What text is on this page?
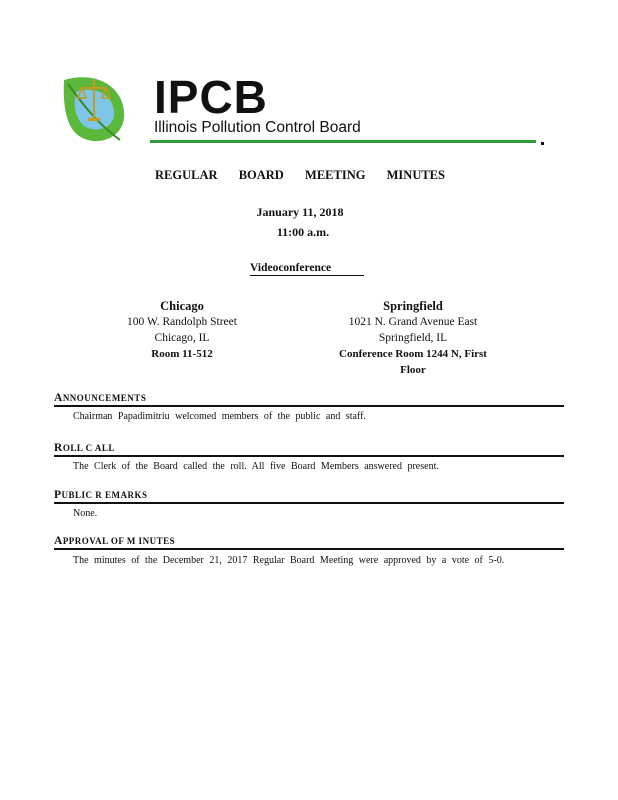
IPCB
Illinois Pollution Control Board
REGULAR BOARD MEETING MINUTES
January 11, 2018
11:00 a.m.
Videoconference
Chicago
100 W. Randolph Street
Chicago, IL
Room 11-512
Springfield
1021 N. Grand Avenue East
Springfield, IL
Conference Room 1244 N, First
Floor
ANNOUNCEMENTS
Chairman Papadimitriu welcomed members of the public and staff.
ROLL C ALL
The Clerk of the Board called the roll. All five Board Members answered present.
PUBLIC R EMARKS
None.
APPROVAL OF M INUTES
The minutes of the December 21, 2017 Regular Board Meeting were approved by a vote of 5-0.
